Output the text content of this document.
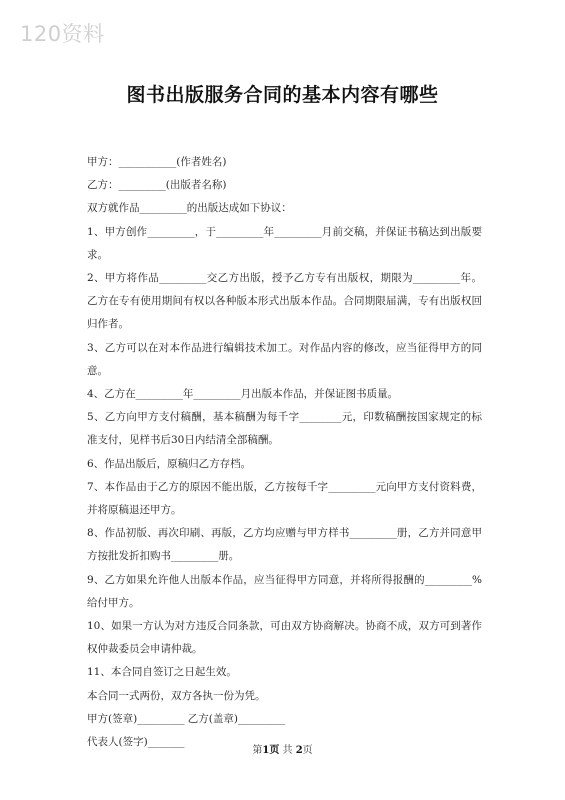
120资料
图书出版服务合同的基本内容有哪些

甲方：___________(作者姓名)

乙方：_________(出版者名称)

双方就作品_________的出版达成如下协议：

1、甲方创作_________，于_________年_________月前交稿，并保证书稿达到出版要求。

2、甲方将作品_________交乙方出版，授予乙方专有出版权，期限为_________年。乙方在专有使用期间有权以各种版本形式出版本作品。合同期限届满，专有出版权回归作者。

3、乙方可以在对本作品进行编辑技术加工。对作品内容的修改，应当征得甲方的同意。

4、乙方在_________年_________月出版本作品，并保证图书质量。

5、乙方向甲方支付稿酬，基本稿酬为每千字________元，印数稿酬按国家规定的标准支付，见样书后30日内结清全部稿酬。

6、作品出版后，原稿归乙方存档。

7、本作品由于乙方的原因不能出版，乙方按每千字_________元向甲方支付资料费，并将原稿退还甲方。

8、作品初版、再次印刷、再版，乙方均应赠与甲方样书_________册，乙方并同意甲方按批发折扣购书_________册。

9、乙方如果允许他人出版本作品，应当征得甲方同意，并将所得报酬的_________%给付甲方。

10、如果一方认为对方违反合同条款，可由双方协商解决。协商不成，双方可到著作权仲裁委员会申请仲裁。

11、本合同自签订之日起生效。

本合同一式两份，双方各执一份为凭。

甲方(签章)_________ 乙方(盖章)_________

代表人(签字)_______

第1页 共 2页
